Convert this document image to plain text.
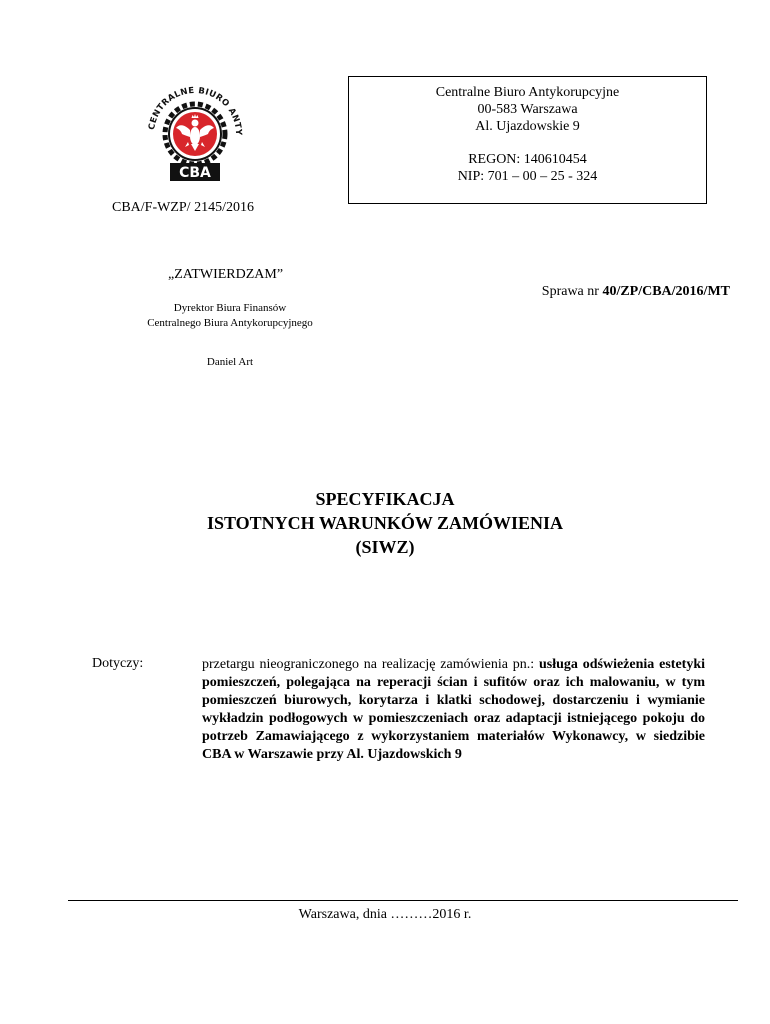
CENTRALNE BIURO ANTY
CBA
Centralne Biuro Antykorupcyjne
00-583 Warszawa
Al. Ujazdowskie 9
REGON: 140610454
NIP: 701 – 00 – 25 - 324
CBA/F-WZP/ 2145/2016
„ZATWIERDZAM”
Sprawa nr 40/ZP/CBA/2016/MT
Dyrektor Biura Finansów
Centralnego Biura Antykorupcyjnego
Daniel Art
SPECYFIKACJA
ISTOTNYCH WARUNKÓW ZAMÓWIENIA
(SIWZ)
Dotyczy:	przetargu nieograniczonego na realizację zamówienia pn.: usługa odświeżenia estetyki pomieszczeń, polegająca na reperacji ścian i sufitów oraz ich malowaniu, w tym pomieszczeń biurowych, korytarza i klatki schodowej, dostarczeniu i wymianie wykładzin podłogowych w pomieszczeniach oraz adaptacji istniejącego pokoju do potrzeb Zamawiającego z wykorzystaniem materiałów Wykonawcy, w siedzibie CBA w Warszawie przy Al. Ujazdowskich 9
Warszawa, dnia ………2016 r.
